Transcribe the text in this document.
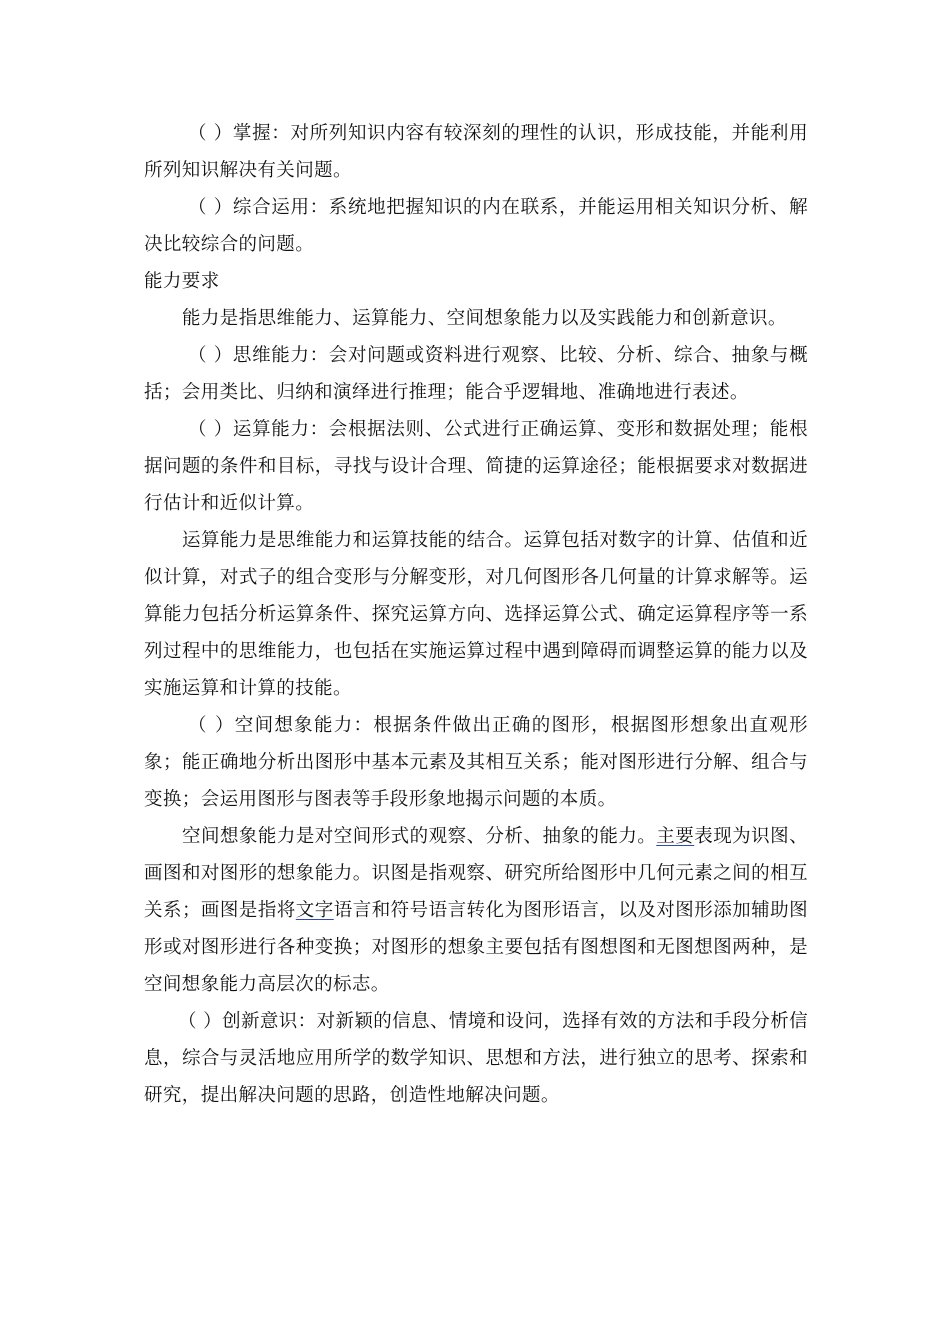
（ ）掌握：对所列知识内容有较深刻的理性的认识，形成技能，并能利用所列知识解决有关问题。

（ ）综合运用：系统地把握知识的内在联系，并能运用相关知识分析、解决比较综合的问题。

能力要求

能力是指思维能力、运算能力、空间想象能力以及实践能力和创新意识。

（ ）思维能力：会对问题或资料进行观察、比较、分析、综合、抽象与概括；会用类比、归纳和演绎进行推理；能合乎逻辑地、准确地进行表述。

（ ）运算能力：会根据法则、公式进行正确运算、变形和数据处理；能根据问题的条件和目标，寻找与设计合理、简捷的运算途径；能根据要求对数据进行估计和近似计算。

运算能力是思维能力和运算技能的结合。运算包括对数字的计算、估值和近似计算，对式子的组合变形与分解变形，对几何图形各几何量的计算求解等。运算能力包括分析运算条件、探究运算方向、选择运算公式、确定运算程序等一系列过程中的思维能力，也包括在实施运算过程中遇到障碍而调整运算的能力以及实施运算和计算的技能。

（ ）空间想象能力：根据条件做出正确的图形，根据图形想象出直观形象；能正确地分析出图形中基本元素及其相互关系；能对图形进行分解、组合与变换；会运用图形与图表等手段形象地揭示问题的本质。

空间想象能力是对空间形式的观察、分析、抽象的能力。主要表现为识图、画图和对图形的想象能力。识图是指观察、研究所给图形中几何元素之间的相互关系；画图是指将文字语言和符号语言转化为图形语言，以及对图形添加辅助图形或对图形进行各种变换；对图形的想象主要包括有图想图和无图想图两种，是空间想象能力高层次的标志。

（ ）创新意识：对新颖的信息、情境和设问，选择有效的方法和手段分析信息，综合与灵活地应用所学的数学知识、思想和方法，进行独立的思考、探索和研究，提出解决问题的思路，创造性地解决问题。
